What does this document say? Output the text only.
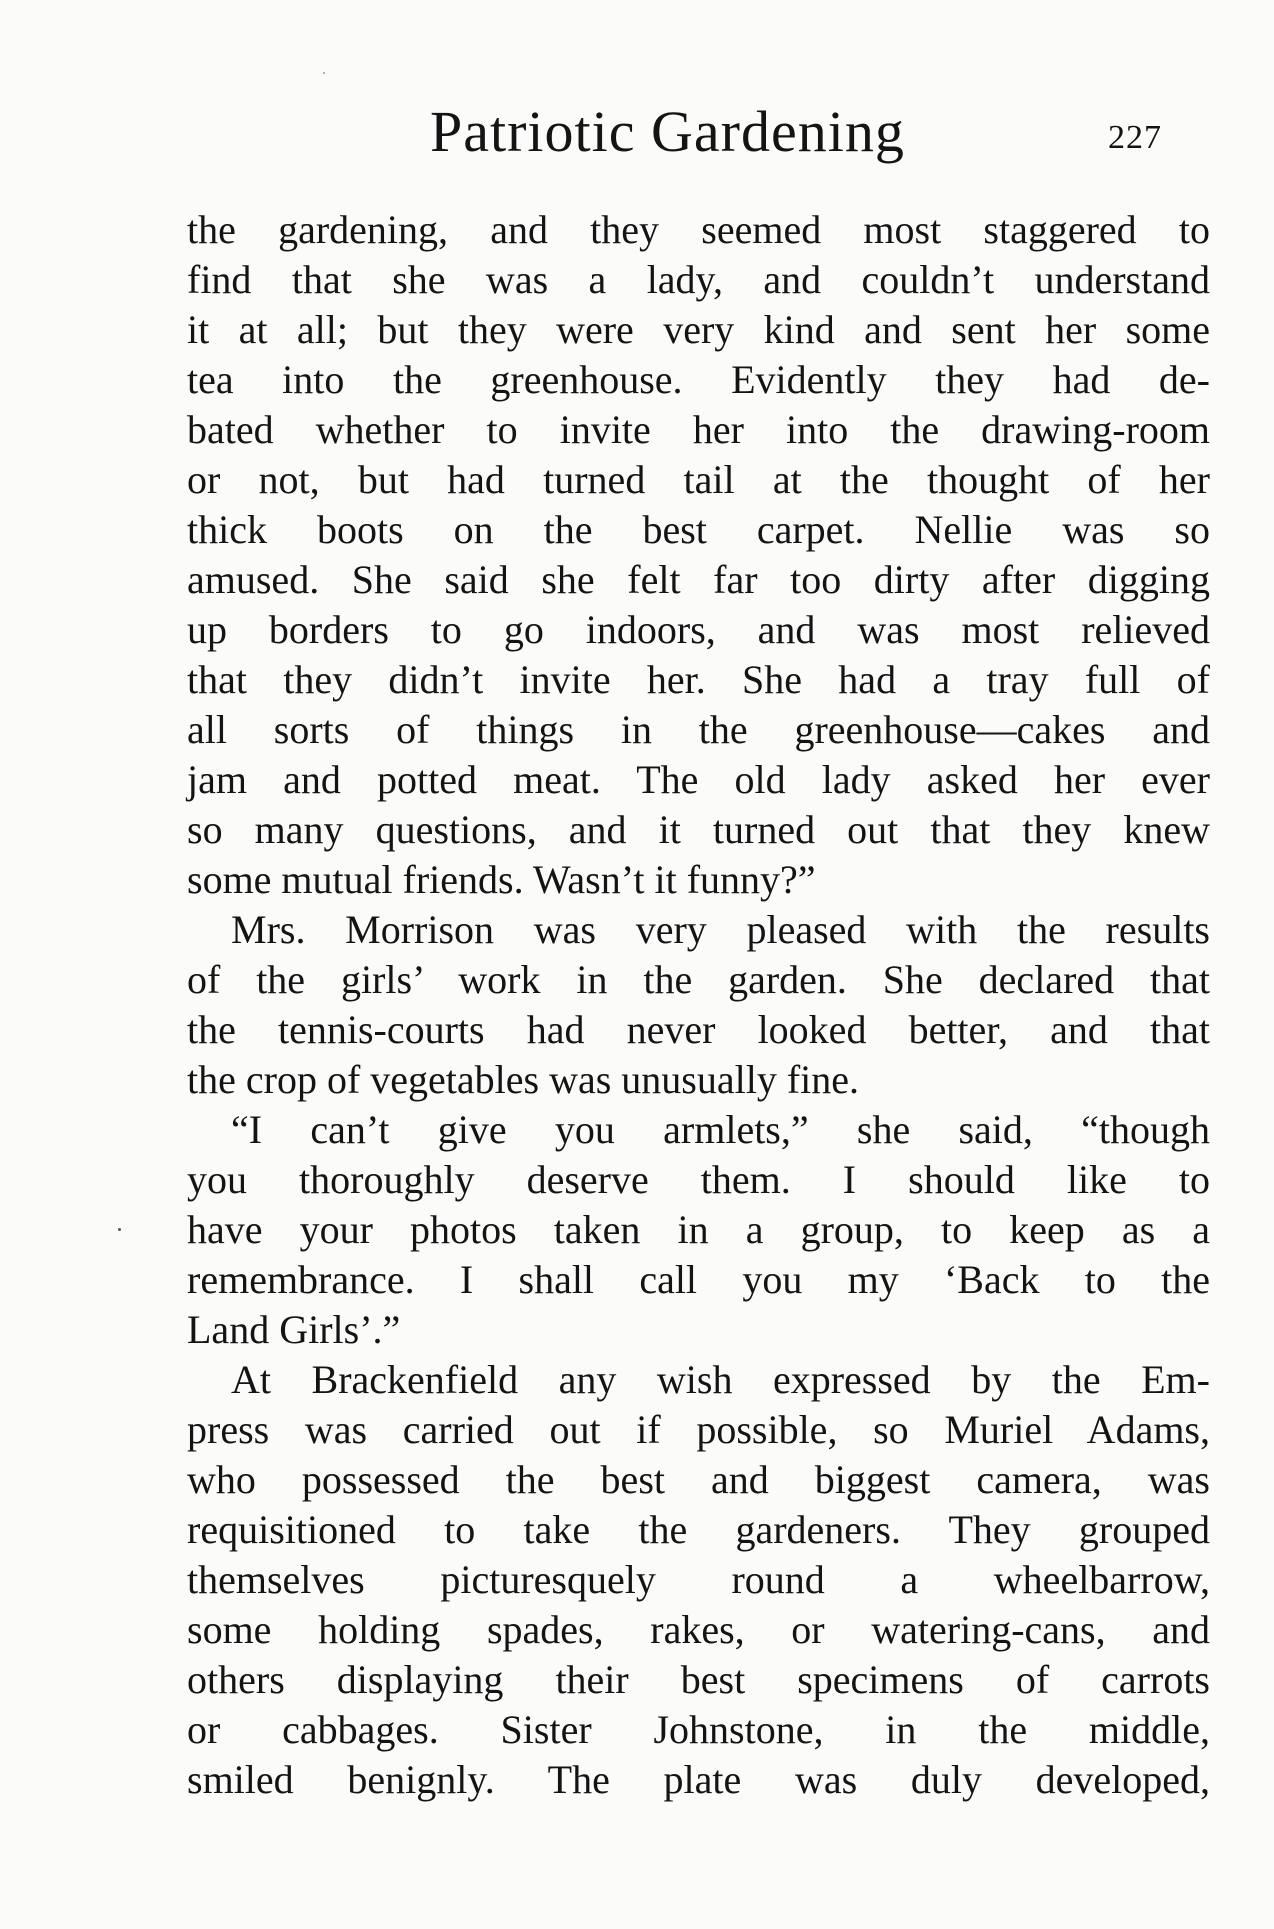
Patriotic Gardening	227
the gardening, and they seemed most staggered to
find that she was a lady, and couldn’t understand
it at all; but they were very kind and sent her some
tea into the greenhouse. Evidently they had de-
bated whether to invite her into the drawing-room
or not, but had turned tail at the thought of her
thick boots on the best carpet. Nellie was so
amused. She said she felt far too dirty after digging
up borders to go indoors, and was most relieved
that they didn’t invite her. She had a tray full of
all sorts of things in the greenhouse—cakes and
jam and potted meat. The old lady asked her ever
so many questions, and it turned out that they knew
some mutual friends. Wasn’t it funny?”
Mrs. Morrison was very pleased with the results
of the girls’ work in the garden. She declared that
the tennis-courts had never looked better, and that
the crop of vegetables was unusually fine.
“I can’t give you armlets,” she said, “though
you thoroughly deserve them. I should like to
have your photos taken in a group, to keep as a
remembrance. I shall call you my ‘Back to the
Land Girls’.”
At Brackenfield any wish expressed by the Em-
press was carried out if possible, so Muriel Adams,
who possessed the best and biggest camera, was
requisitioned to take the gardeners. They grouped
themselves picturesquely round a wheelbarrow,
some holding spades, rakes, or watering-cans, and
others displaying their best specimens of carrots
or cabbages. Sister Johnstone, in the middle,
smiled benignly. The plate was duly developed,
